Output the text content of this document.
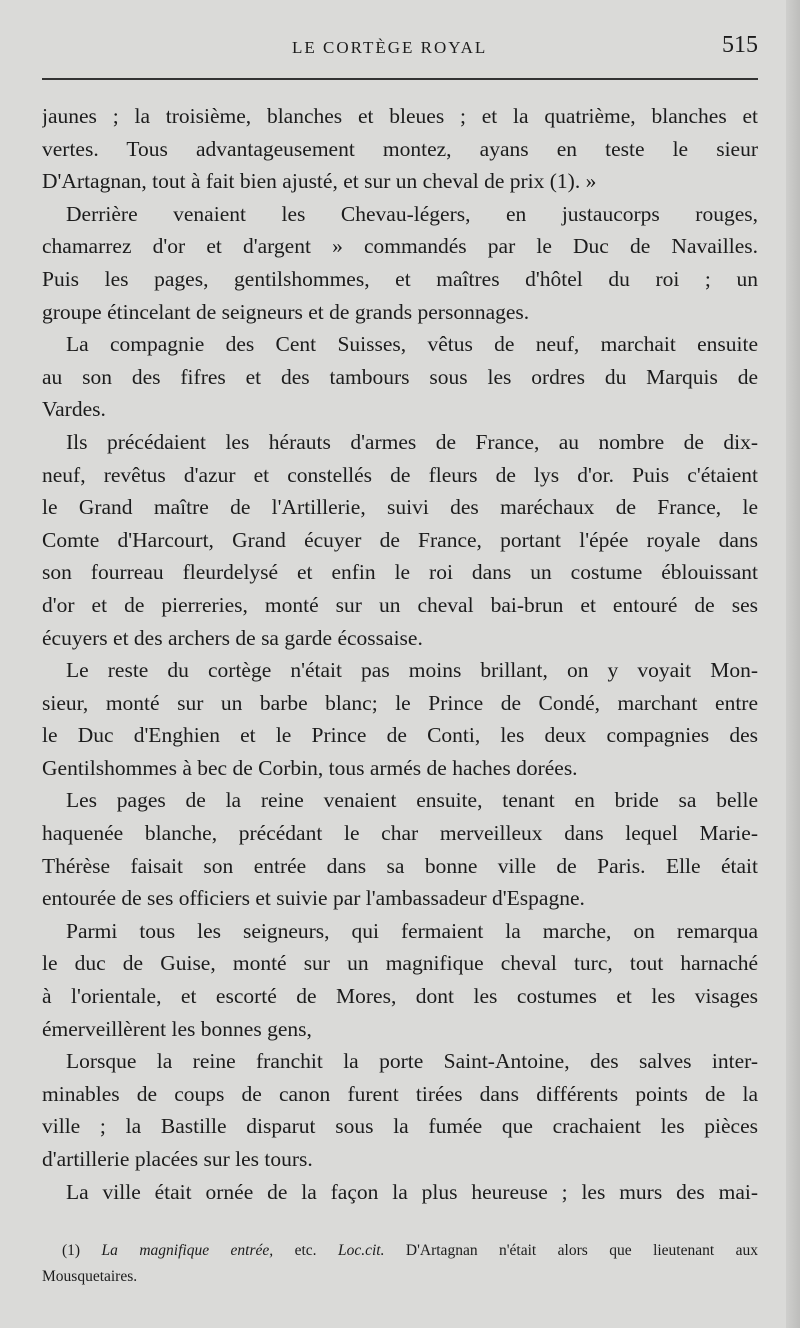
LE CORTÈGE ROYAL	515
jaunes ; la troisième, blanches et bleues ; et la quatrième, blanches et
vertes. Tous advantageusement montez, ayans en teste le sieur
D'Artagnan, tout à fait bien ajusté, et sur un cheval de prix (1). »
Derrière venaient les Chevau-légers, en justaucorps rouges,
chamarrez d'or et d'argent » commandés par le Duc de Navailles.
Puis les pages, gentilshommes, et maîtres d'hôtel du roi ; un
groupe étincelant de seigneurs et de grands personnages.
La compagnie des Cent Suisses, vêtus de neuf, marchait ensuite
au son des fifres et des tambours sous les ordres du Marquis de
Vardes.
Ils précédaient les hérauts d'armes de France, au nombre de dix-
neuf, revêtus d'azur et constellés de fleurs de lys d'or. Puis c'étaient
le Grand maître de l'Artillerie, suivi des maréchaux de France, le
Comte d'Harcourt, Grand écuyer de France, portant l'épée royale dans
son fourreau fleurdelysé et enfin le roi dans un costume éblouissant
d'or et de pierreries, monté sur un cheval bai-brun et entouré de ses
écuyers et des archers de sa garde écossaise.
Le reste du cortège n'était pas moins brillant, on y voyait Mon-
sieur, monté sur un barbe blanc; le Prince de Condé, marchant entre
le Duc d'Enghien et le Prince de Conti, les deux compagnies des
Gentilshommes à bec de Corbin, tous armés de haches dorées.
Les pages de la reine venaient ensuite, tenant en bride sa belle
haquenée blanche, précédant le char merveilleux dans lequel Marie-
Thérèse faisait son entrée dans sa bonne ville de Paris. Elle était
entourée de ses officiers et suivie par l'ambassadeur d'Espagne.
Parmi tous les seigneurs, qui fermaient la marche, on remarqua
le duc de Guise, monté sur un magnifique cheval turc, tout harnaché
à l'orientale, et escorté de Mores, dont les costumes et les visages
émerveillèrent les bonnes gens,
Lorsque la reine franchit la porte Saint-Antoine, des salves inter-
minables de coups de canon furent tirées dans différents points de la
ville ; la Bastille disparut sous la fumée que crachaient les pièces
d'artillerie placées sur les tours.
La ville était ornée de la façon la plus heureuse ; les murs des mai-
(1) La magnifique entrée, etc. Loc.cit. D'Artagnan n'était alors que lieutenant aux
Mousquetaires.
